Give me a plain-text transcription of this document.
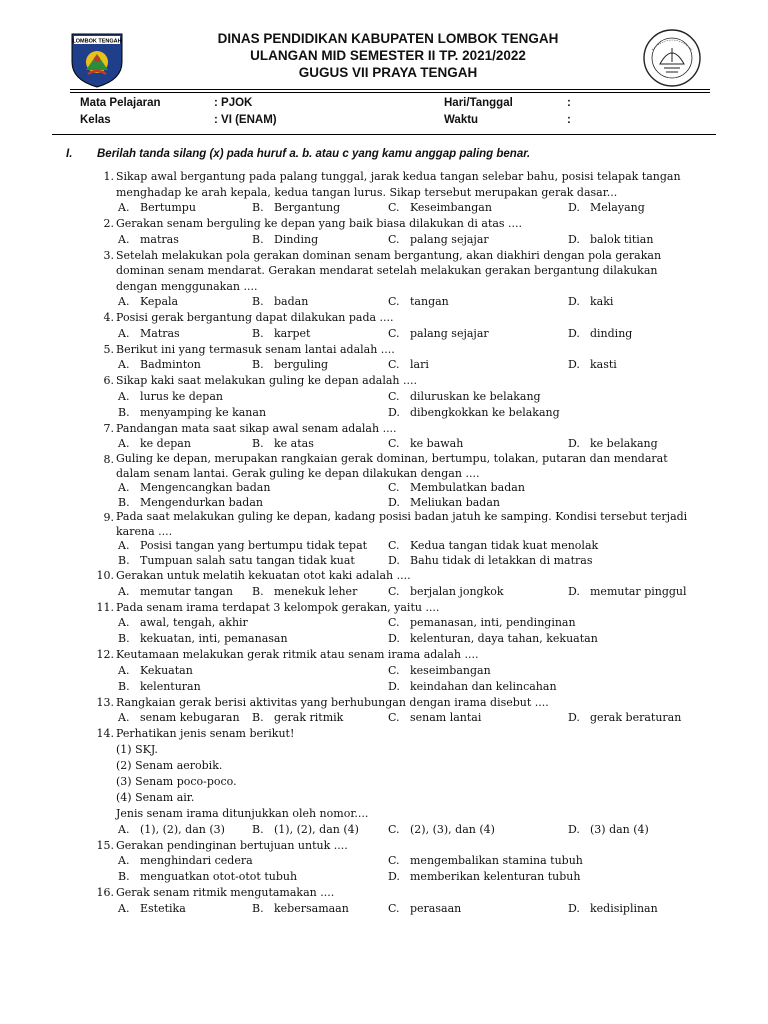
LOMBOK TENGAH	DINAS PENDIDIKAN KABUPATEN LOMBOK TENGAH
ULANGAN MID SEMESTER II TP. 2021/2022
GUGUS VII PRAYA TENGAH
Mata Pelajaran	: PJOK	Hari/Tanggal	:
Kelas	: VI (ENAM)	Waktu	:
I. Berilah tanda silang (x) pada huruf a. b. atau c yang kamu anggap paling benar.
1. Sikap awal bergantung pada palang tunggal, jarak kedua tangan selebar bahu, posisi telapak tangan menghadap ke arah kepala, kedua tangan lurus. Sikap tersebut merupakan gerak dasar...
A. Bertumpu	B. Bergantung	C. Keseimbangan	D. Melayang
2. Gerakan senam berguling ke depan yang baik biasa dilakukan di atas ....
A. matras	B. Dinding	C. palang sejajar	D. balok titian
3. Setelah melakukan pola gerakan dominan senam bergantung, akan diakhiri dengan pola gerakan dominan senam mendarat. Gerakan mendarat setelah melakukan gerakan bergantung dilakukan dengan menggunakan ....
A. Kepala	B. badan	C. tangan	D. kaki
4. Posisi gerak bergantung dapat dilakukan pada ....
A. Matras	B. karpet	C. palang sejajar	D. dinding
5. Berikut ini yang termasuk senam lantai adalah ....
A. Badminton	B. berguling	C. lari	D. kasti
6. Sikap kaki saat melakukan guling ke depan adalah ....
A. lurus ke depan	C. diluruskan ke belakang
B. menyamping ke kanan	D. dibengkokkan ke belakang
7. Pandangan mata saat sikap awal senam adalah ....
A. ke depan	B. ke atas	C. ke bawah	D. ke belakang
8. Guling ke depan, merupakan rangkaian gerak dominan, bertumpu, tolakan, putaran dan mendarat dalam senam lantai. Gerak guling ke depan dilakukan dengan ....
A. Mengencangkan badan	C. Membulatkan badan
B. Mengendurkan badan	D. Meliukan badan
9. Pada saat melakukan guling ke depan, kadang posisi badan jatuh ke samping. Kondisi tersebut terjadi karena ....
A. Posisi tangan yang bertumpu tidak tepat C. Kedua tangan tidak kuat menolak
B. Tumpuan salah satu tangan tidak kuat	D. Bahu tidak di letakkan di matras
10. Gerakan untuk melatih kekuatan otot kaki adalah ....
A. memutar tangan B. menekuk leher	C. berjalan jongkok	D. memutar pinggul
11. Pada senam irama terdapat 3 kelompok gerakan, yaitu ....
A. awal, tengah, akhir	C. pemanasan, inti, pendinginan
B. kekuatan, inti, pemanasan	D. kelenturan, daya tahan, kekuatan
12. Keutamaan melakukan gerak ritmik atau senam irama adalah ....
A. Kekuatan	C. keseimbangan
B. kelenturan	D. keindahan dan kelincahan
13. Rangkaian gerak berisi aktivitas yang berhubungan dengan irama disebut ....
A. senam kebugaran B. gerak ritmik	C. senam lantai	D. gerak beraturan
14. Perhatikan jenis senam berikut!
(1) SKJ.
(2) Senam aerobik.
(3) Senam poco-poco.
(4) Senam air.
Jenis senam irama ditunjukkan oleh nomor....
A. (1), (2), dan (3) B. (1), (2), dan (4)	C. (2), (3), dan (4)	D. (3) dan (4)
15. Gerakan pendinginan bertujuan untuk ....
A. menghindari cedera	C. mengembalikan stamina tubuh
B. menguatkan otot-otot tubuh	D. memberikan kelenturan tubuh
16. Gerak senam ritmik mengutamakan ....
A. Estetika	B. kebersamaan	C. perasaan	D. kedisiplinan
